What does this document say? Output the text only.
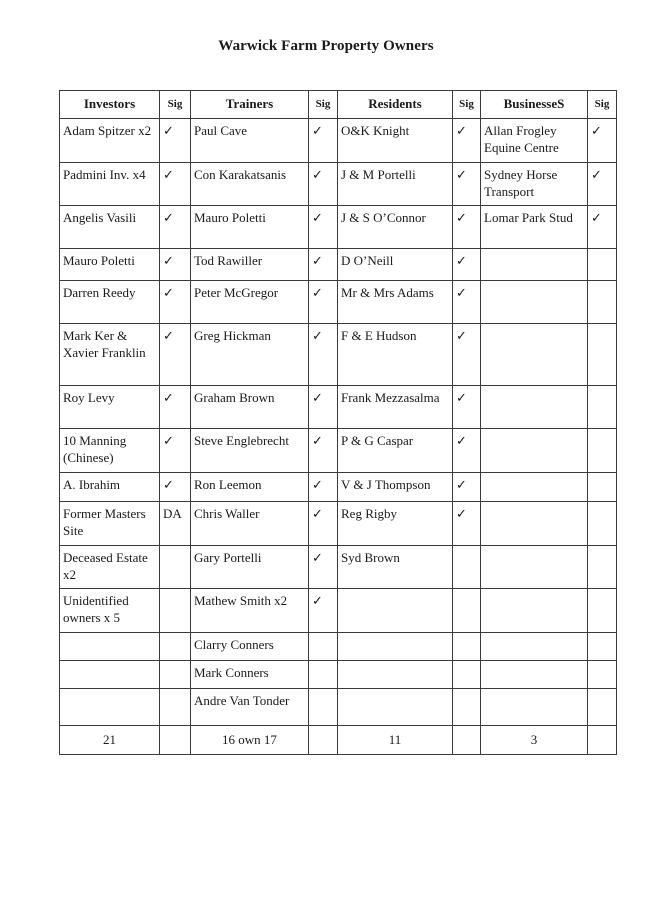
Warwick Farm Property Owners
Investors	Sig	Trainers	Sig	Residents	Sig	BusinesseS	Sig
Adam Spitzer x2	✓	Paul Cave	✓	O&K Knight	✓	Allan Frogley Equine Centre	✓
Padmini Inv. x4	✓	Con Karakatsanis	✓	J & M Portelli	✓	Sydney Horse Transport	✓
Angelis Vasili	✓	Mauro Poletti	✓	J & S O’Connor	✓	Lomar Park Stud	✓
Mauro Poletti	✓	Tod Rawiller	✓	D O’Neill	✓		
Darren Reedy	✓	Peter McGregor	✓	Mr & Mrs Adams	✓		
Mark Ker & Xavier Franklin	✓	Greg Hickman	✓	F & E Hudson	✓		
Roy Levy	✓	Graham Brown	✓	Frank Mezzasalma	✓		
10 Manning (Chinese)	✓	Steve Englebrecht	✓	P & G Caspar	✓		
A. Ibrahim	✓	Ron Leemon	✓	V & J Thompson	✓		
Former Masters Site	DA	Chris Waller	✓	Reg Rigby	✓		
Deceased Estate x2		Gary Portelli	✓	Syd Brown			
Unidentified owners x 5		Mathew Smith x2	✓				
		Clarry Conners					
		Mark Conners					
		Andre Van Tonder					
21		16 own 17		11		3	
